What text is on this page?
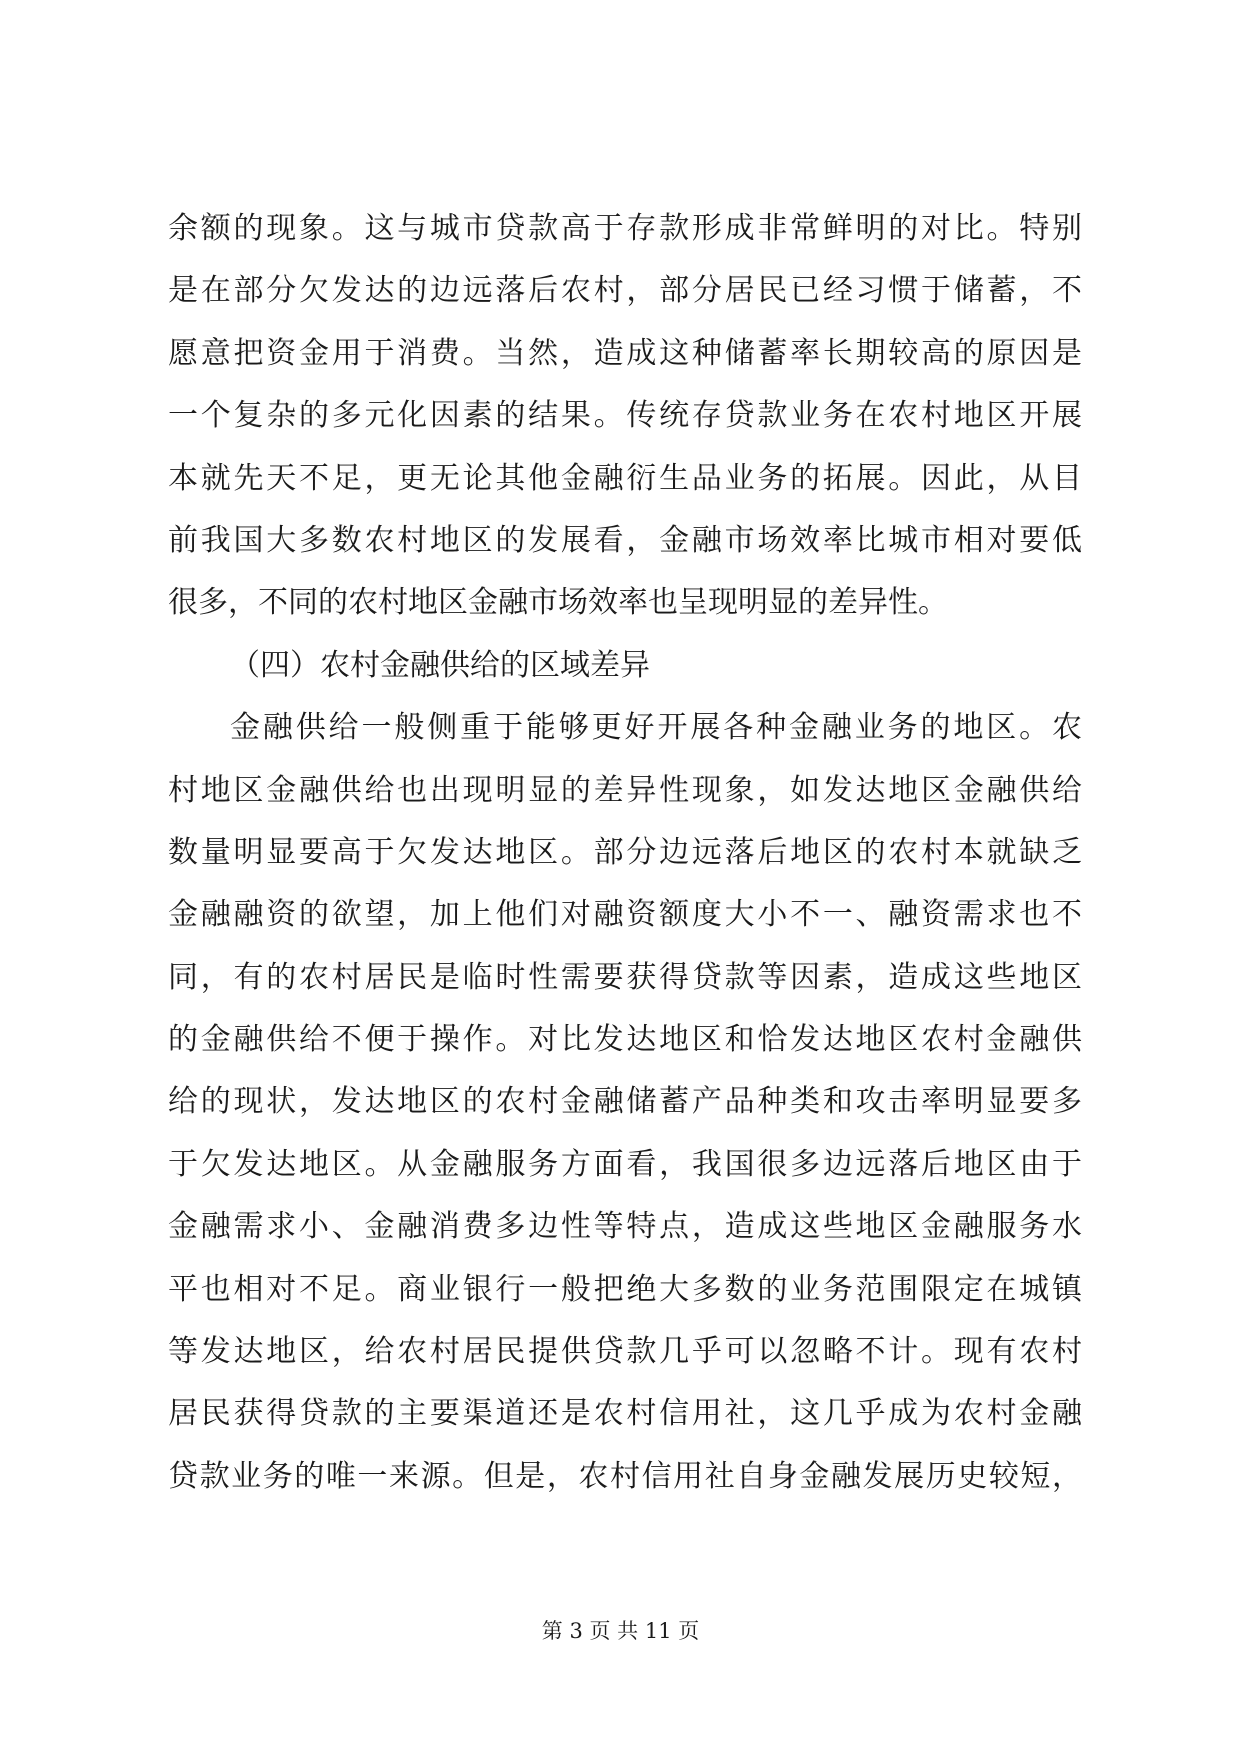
余额的现象。这与城市贷款高于存款形成非常鲜明的对比。特别
是在部分欠发达的边远落后农村，部分居民已经习惯于储蓄，不
愿意把资金用于消费。当然，造成这种储蓄率长期较高的原因是
一个复杂的多元化因素的结果。传统存贷款业务在农村地区开展
本就先天不足，更无论其他金融衍生品业务的拓展。因此，从目
前我国大多数农村地区的发展看，金融市场效率比城市相对要低
很多，不同的农村地区金融市场效率也呈现明显的差异性。
（四）农村金融供给的区域差异
金融供给一般侧重于能够更好开展各种金融业务的地区。农
村地区金融供给也出现明显的差异性现象，如发达地区金融供给
数量明显要高于欠发达地区。部分边远落后地区的农村本就缺乏
金融融资的欲望，加上他们对融资额度大小不一、融资需求也不
同，有的农村居民是临时性需要获得贷款等因素，造成这些地区
的金融供给不便于操作。对比发达地区和恰发达地区农村金融供
给的现状，发达地区的农村金融储蓄产品种类和攻击率明显要多
于欠发达地区。从金融服务方面看，我国很多边远落后地区由于
金融需求小、金融消费多边性等特点，造成这些地区金融服务水
平也相对不足。商业银行一般把绝大多数的业务范围限定在城镇
等发达地区，给农村居民提供贷款几乎可以忽略不计。现有农村
居民获得贷款的主要渠道还是农村信用社，这几乎成为农村金融
贷款业务的唯一来源。但是，农村信用社自身金融发展历史较短，
第 3 页 共 11 页
